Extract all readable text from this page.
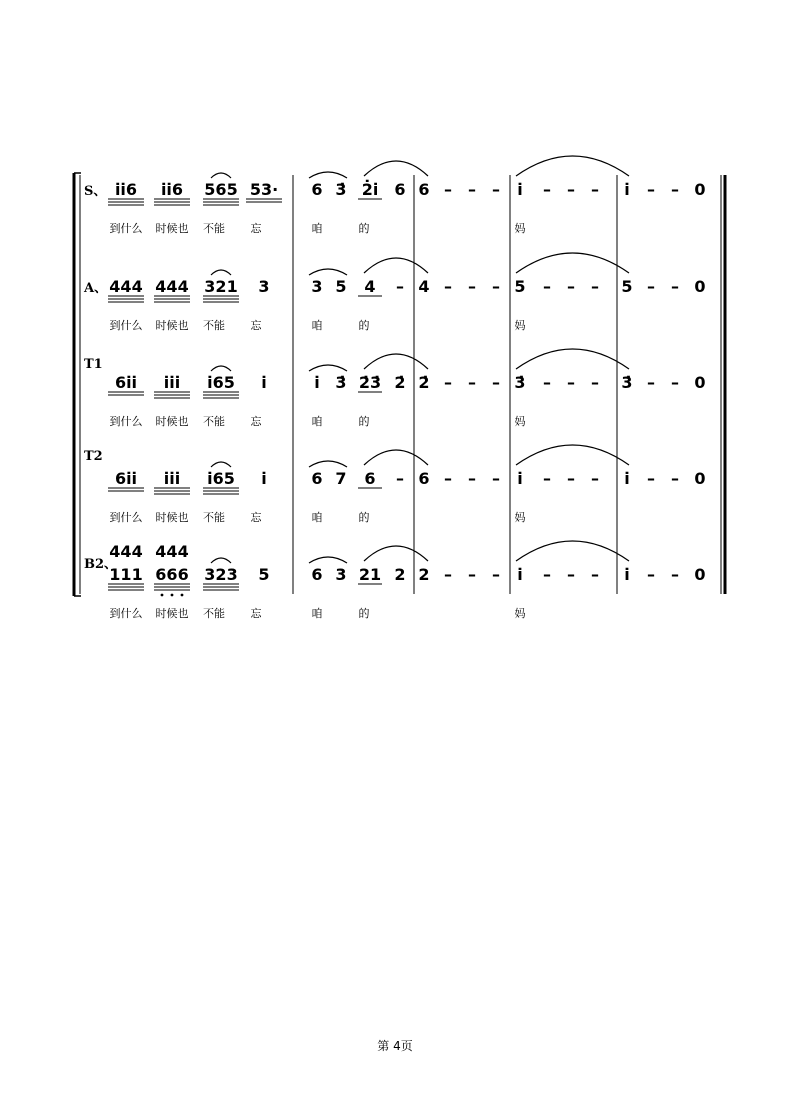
S、 i̇i̇6 i̇i̇6 565 53· 6 3̇ 2̇i̇ 6 6 – – – i̇ – – – i̇ – – 0
到什么 时候也 不能 忘	咱	的	妈
A、 444 444 321 3	3 5 4 – 4 – – – 5 – – – 5 – – 0
到什么 时候也 不能 忘	咱	的	妈
T1
6i̇i̇ i̇i̇i̇ i̇65 i̇	i̇ 3̇ 2̇3̇ 2̇ 2̇ – – – 3̇ – – – 3̇ – – 0
到什么 时候也 不能 忘	咱	的	妈
T2
6i̇i̇ i̇i̇i̇ i̇65 i̇	6 7 6 – 6 – – – i̇ – – – i̇ – – 0
到什么 时候也 不能 忘	咱	的	妈
B2、
111 666 323 5	6 3 21 2 2 – – – i̇ – – – i̇ – – 0
444 444
到什么 时候也 不能 忘	咱	的	妈
第 4页
